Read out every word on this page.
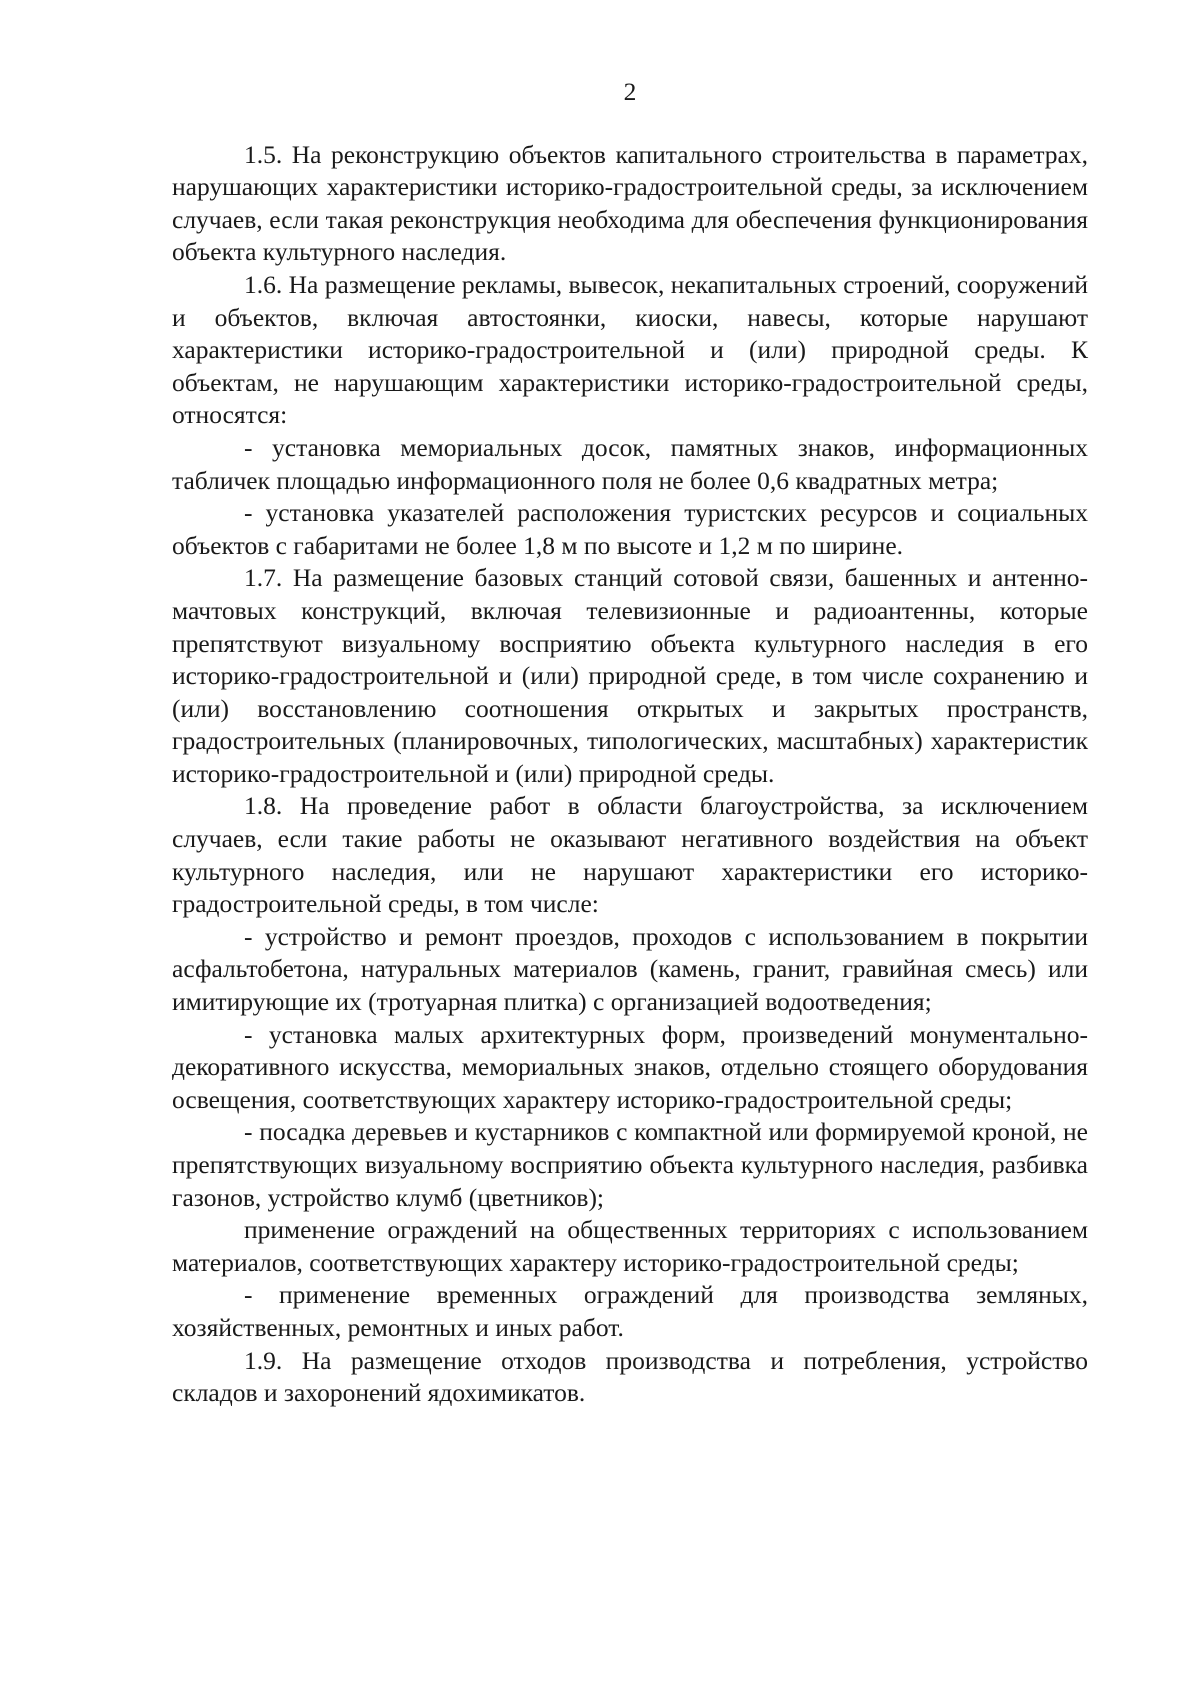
2

1.5. На реконструкцию объектов капитального строительства в параметрах, нарушающих характеристики историко-градостроительной среды, за исключением случаев, если такая реконструкция необходима для обеспечения функционирования объекта культурного наследия.

1.6. На размещение рекламы, вывесок, некапитальных строений, сооружений и объектов, включая автостоянки, киоски, навесы, которые нарушают характеристики историко-градостроительной и (или) природной среды. К объектам, не нарушающим характеристики историко-градостроительной среды, относятся:

- установка мемориальных досок, памятных знаков, информационных табличек площадью информационного поля не более 0,6 квадратных метра;

- установка указателей расположения туристских ресурсов и социальных объектов с габаритами не более 1,8 м по высоте и 1,2 м по ширине.

1.7. На размещение базовых станций сотовой связи, башенных и антенно-мачтовых конструкций, включая телевизионные и радиоантенны, которые препятствуют визуальному восприятию объекта культурного наследия в его историко-градостроительной и (или) природной среде, в том числе сохранению и (или) восстановлению соотношения открытых и закрытых пространств, градостроительных (планировочных, типологических, масштабных) характеристик историко-градостроительной и (или) природной среды.

1.8. На проведение работ в области благоустройства, за исключением случаев, если такие работы не оказывают негативного воздействия на объект культурного наследия, или не нарушают характеристики его историко-градостроительной среды, в том числе:

- устройство и ремонт проездов, проходов с использованием в покрытии асфальтобетона, натуральных материалов (камень, гранит, гравийная смесь) или имитирующие их (тротуарная плитка) с организацией водоотведения;

- установка малых архитектурных форм, произведений монументально-декоративного искусства, мемориальных знаков, отдельно стоящего оборудования освещения, соответствующих характеру историко-градостроительной среды;

- посадка деревьев и кустарников с компактной или формируемой кроной, не препятствующих визуальному восприятию объекта культурного наследия, разбивка газонов, устройство клумб (цветников);

применение ограждений на общественных территориях с использованием материалов, соответствующих характеру историко-градостроительной среды;

- применение временных ограждений для производства земляных, хозяйственных, ремонтных и иных работ.

1.9. На размещение отходов производства и потребления, устройство складов и захоронений ядохимикатов.
